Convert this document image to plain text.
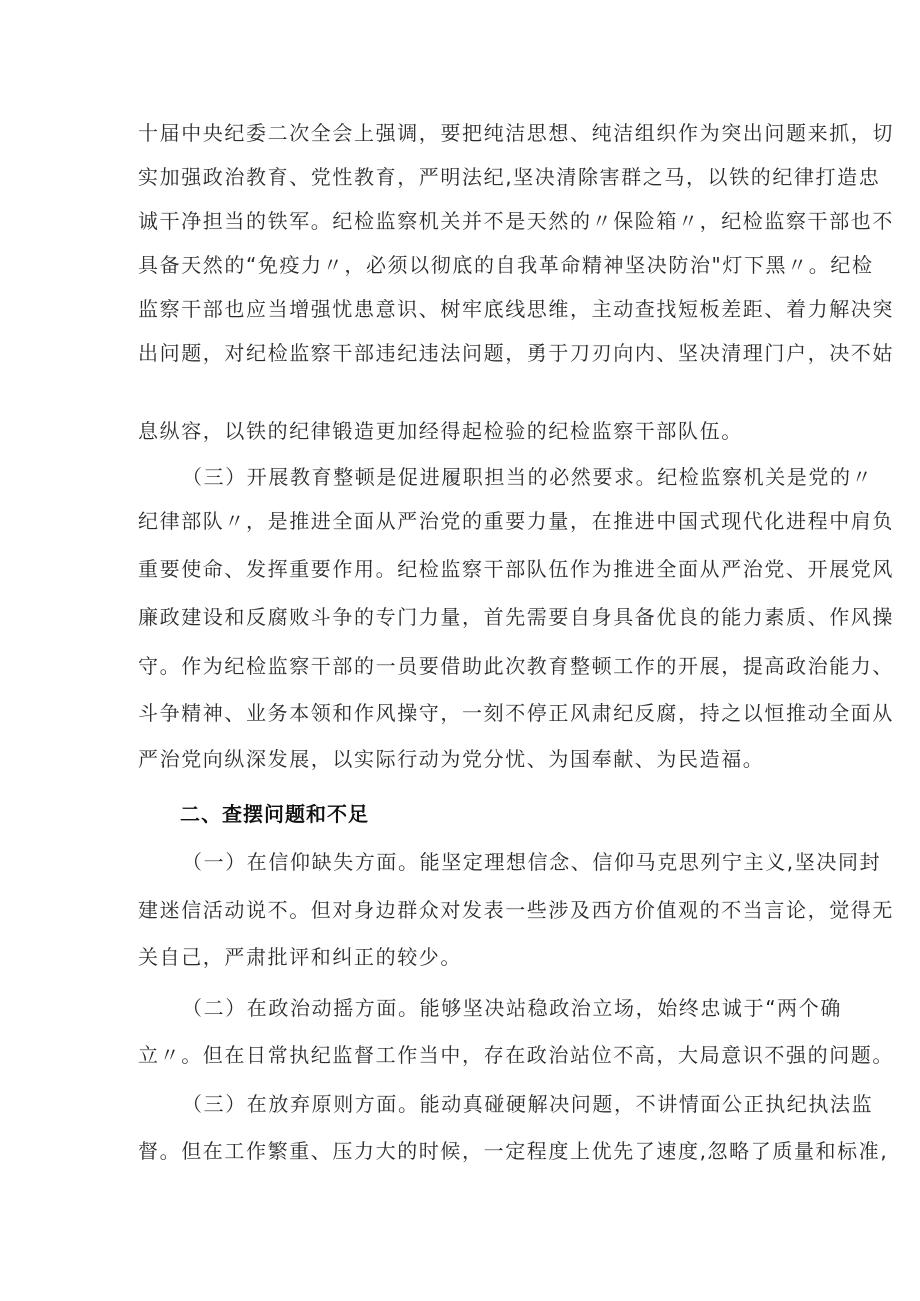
十届中央纪委二次全会上强调，要把纯洁思想、纯洁组织作为突出问题来抓，切
实加强政治教育、党性教育，严明法纪,坚决清除害群之马，以铁的纪律打造忠
诚干净担当的铁军。纪检监察机关并不是天然的〃保险箱〃，纪检监察干部也不
具备天然的“免疫力〃，必须以彻底的自我革命精神坚决防治"灯下黑〃。纪检
监察干部也应当增强忧患意识、树牢底线思维，主动查找短板差距、着力解决突
出问题，对纪检监察干部违纪违法问题，勇于刀刃向内、坚决清理门户，决不姑
息纵容，以铁的纪律锻造更加经得起检验的纪检监察干部队伍。
（三）开展教育整顿是促进履职担当的必然要求。纪检监察机关是党的〃
纪律部队〃，是推进全面从严治党的重要力量，在推进中国式现代化进程中肩负
重要使命、发挥重要作用。纪检监察干部队伍作为推进全面从严治党、开展党风
廉政建设和反腐败斗争的专门力量，首先需要自身具备优良的能力素质、作风操
守。作为纪检监察干部的一员要借助此次教育整顿工作的开展，提高政治能力、
斗争精神、业务本领和作风操守，一刻不停正风肃纪反腐，持之以恒推动全面从
严治党向纵深发展，以实际行动为党分忧、为国奉献、为民造福。
二、查摆问题和不足
（一）在信仰缺失方面。能坚定理想信念、信仰马克思列宁主义,坚决同封
建迷信活动说不。但对身边群众对发表一些涉及西方价值观的不当言论，觉得无
关自己，严肃批评和纠正的较少。
（二）在政治动摇方面。能够坚决站稳政治立场，始终忠诚于“两个确
立〃。但在日常执纪监督工作当中，存在政治站位不高，大局意识不强的问题。
（三）在放弃原则方面。能动真碰硬解决问题，不讲情面公正执纪执法监
督。但在工作繁重、压力大的时候，一定程度上优先了速度,忽略了质量和标准,
